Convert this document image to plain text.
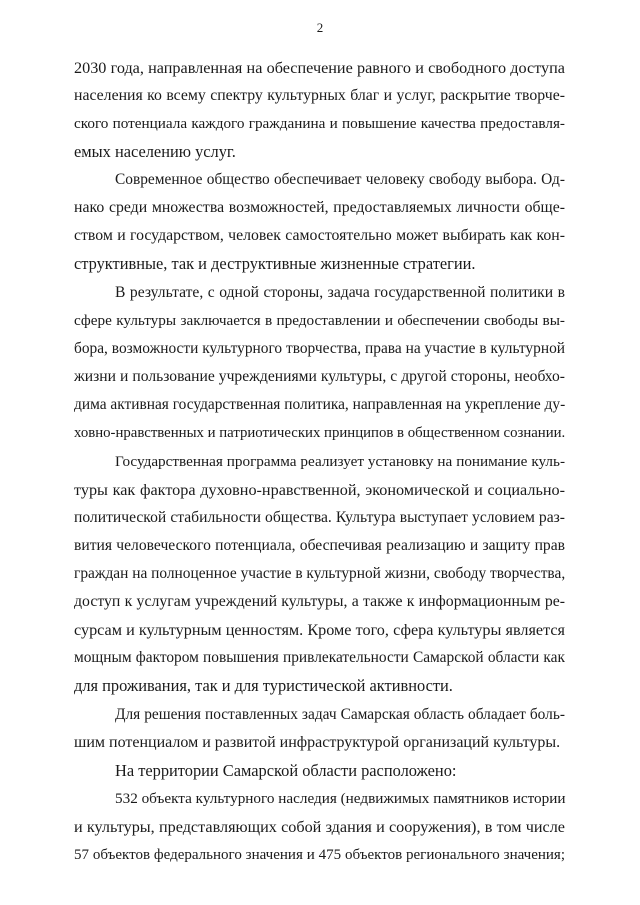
2
2030 года, направленная на обеспечение равного и свободного доступа
населения ко всему спектру культурных благ и услуг, раскрытие творче-
ского потенциала каждого гражданина и повышение качества предоставля-
емых населению услуг.
Современное общество обеспечивает человеку свободу выбора. Од-
нако среди множества возможностей, предоставляемых личности обще-
ством и государством, человек самостоятельно может выбирать как кон-
структивные, так и деструктивные жизненные стратегии.
В результате, с одной стороны, задача государственной политики в
сфере культуры заключается в предоставлении и обеспечении свободы вы-
бора, возможности культурного творчества, права на участие в культурной
жизни и пользование учреждениями культуры, с другой стороны, необхо-
дима активная государственная политика, направленная на укрепление ду-
ховно-нравственных и патриотических принципов в общественном сознании.
Государственная программа реализует установку на понимание куль-
туры как фактора духовно-нравственной, экономической и социально-
политической стабильности общества. Культура выступает условием раз-
вития человеческого потенциала, обеспечивая реализацию и защиту прав
граждан на полноценное участие в культурной жизни, свободу творчества,
доступ к услугам учреждений культуры, а также к информационным ре-
сурсам и культурным ценностям. Кроме того, сфера культуры является
мощным фактором повышения привлекательности Самарской области как
для проживания, так и для туристической активности.
Для решения поставленных задач Самарская область обладает боль-
шим потенциалом и развитой инфраструктурой организаций культуры.
На территории Самарской области расположено:
532 объекта культурного наследия (недвижимых памятников истории
и культуры, представляющих собой здания и сооружения), в том числе
57 объектов федерального значения и 475 объектов регионального значения;
